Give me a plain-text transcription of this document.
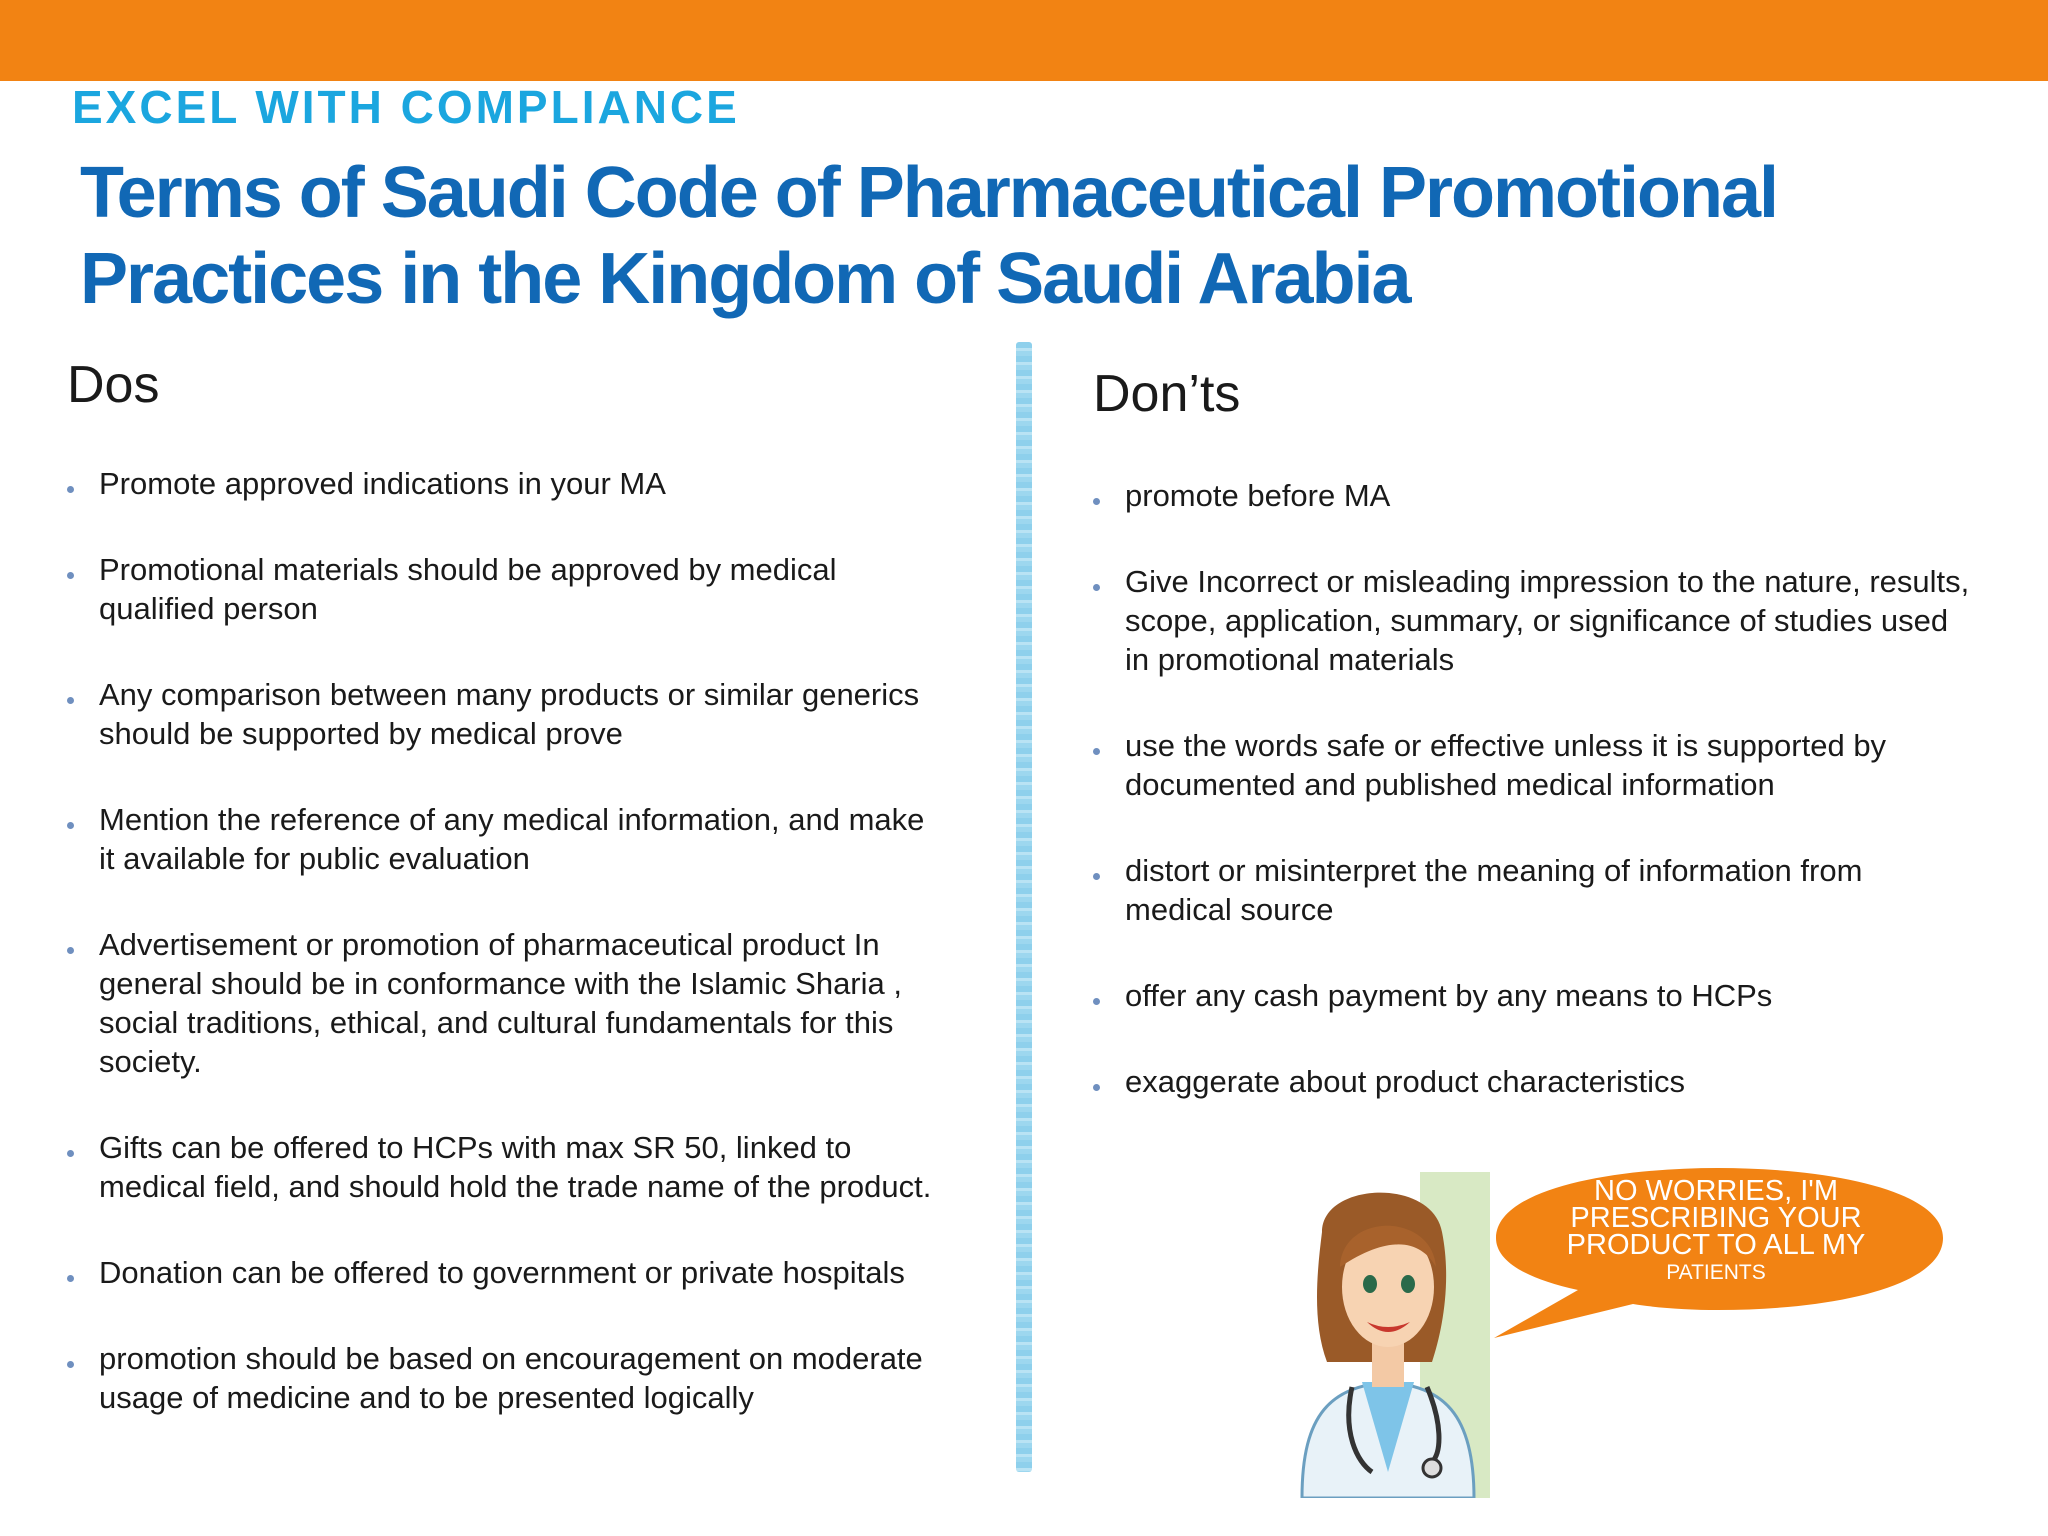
EXCEL WITH COMPLIANCE
Terms of Saudi Code of Pharmaceutical Promotional
Practices in the Kingdom of Saudi Arabia
Dos	Don’ts
Promote approved indications in your MA
Promotional materials should be approved by medical
qualified person
Any comparison between many products or similar generics
should be supported by medical prove
Mention the reference of any medical information, and make
it available for public evaluation
Advertisement or promotion of pharmaceutical product In
general should be in conformance with the Islamic Sharia ,
social traditions, ethical, and cultural fundamentals for this
society.
Gifts can be offered to HCPs with max SR 50, linked to
medical field, and should hold the trade name of the product.
Donation can be offered to government or private hospitals
promotion should be based on encouragement on moderate
usage of medicine and to be presented logically
promote before MA
Give Incorrect or misleading impression to the nature, results,
scope, application, summary, or significance of studies used
in promotional materials
use the words safe or effective unless it is supported by
documented and published medical information
distort or misinterpret the meaning of information from
medical source
offer any cash payment by any means to HCPs
exaggerate about product characteristics
NO WORRIES, I'M
PRESCRIBING YOUR
PRODUCT TO ALL MY
PATIENTS
